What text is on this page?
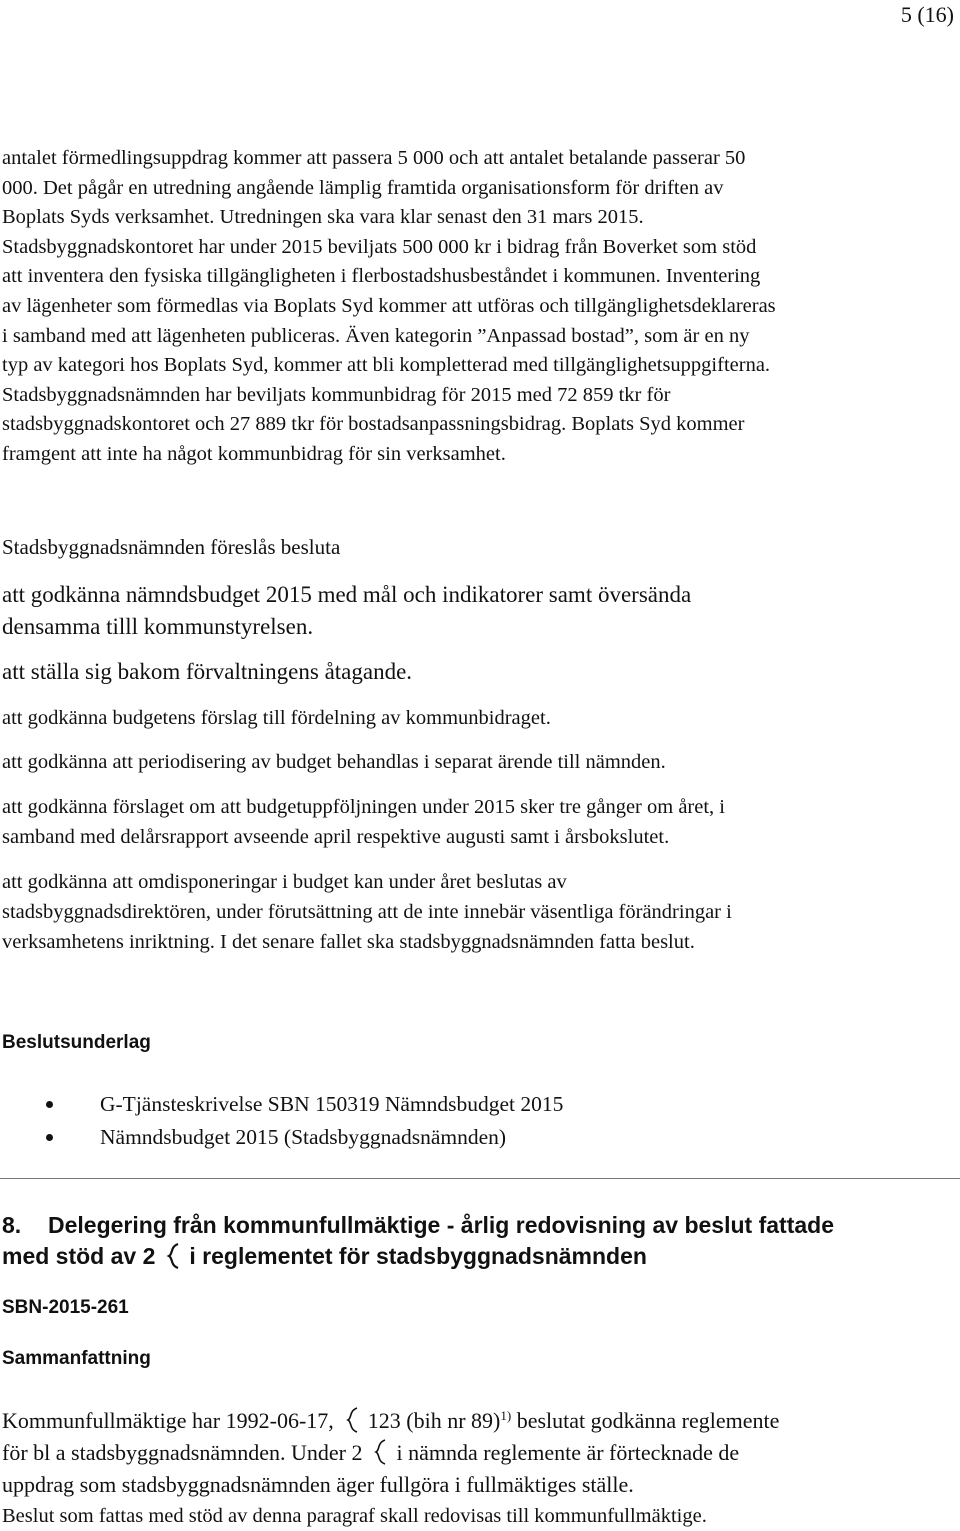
5 (16)

antalet förmedlingsuppdrag kommer att passera 5 000 och att antalet betalande passerar 50

000. Det pågår en utredning angående lämplig framtida organisationsform för driften av

Boplats Syds verksamhet. Utredningen ska vara klar senast den 31 mars 2015.

Stadsbyggnadskontoret har under 2015 beviljats 500 000 kr i bidrag från Boverket som stöd

att inventera den fysiska tillgängligheten i flerbostadshusbeståndet i kommunen. Inventering

av lägenheter som förmedlas via Boplats Syd kommer att utföras och tillgänglighetsdeklareras

i samband med att lägenheten publiceras. Även kategorin ”Anpassad bostad”, som är en ny

typ av kategori hos Boplats Syd, kommer att bli kompletterad med tillgänglighetsuppgifterna.

Stadsbyggnadsnämnden har beviljats kommunbidrag för 2015 med 72 859 tkr för

stadsbyggnadskontoret och 27 889 tkr för bostadsanpassningsbidrag. Boplats Syd kommer

framgent att inte ha något kommunbidrag för sin verksamhet.

Stadsbyggnadsnämnden föreslås besluta
att godkänna nämndsbudget 2015 med mål och indikatorer samt översända
densamma tilll kommunstyrelsen.
att ställa sig bakom förvaltningens åtagande.
att godkänna budgetens förslag till fördelning av kommunbidraget.
att godkänna att periodisering av budget behandlas i separat ärende till nämnden.
att godkänna förslaget om att budgetuppföljningen under 2015 sker tre gånger om året, i
samband med delårsrapport avseende april respektive augusti samt i årsbokslutet.
att godkänna att omdisponeringar i budget kan under året beslutas av
stadsbyggnadsdirektören, under förutsättning att de inte innebär väsentliga förändringar i
verksamhetens inriktning. I det senare fallet ska stadsbyggnadsnämnden fatta beslut.
Beslutsunderlag
G-Tjänsteskrivelse SBN 150319 Nämndsbudget 2015
Nämndsbudget 2015 (Stadsbyggnadsnämnden)
8. Delegering från kommunfullmäktige - årlig redovisning av beslut fattade
med stöd av 2 i reglementet för stadsbyggnadsnämnden
SBN-2015-261
Sammanfattning

Kommunfullmäktige har 1992-06-17, 123 (bih nr 89)$^{1)}$ beslutat godkänna reglemente

för bl a stadsbyggnadsnämnden. Under 2 i nämnda reglemente är förtecknade de

uppdrag som stadsbyggnadsnämnden äger fullgöra i fullmäktiges ställe.

Beslut som fattas med stöd av denna paragraf skall redovisas till kommunfullmäktige.
